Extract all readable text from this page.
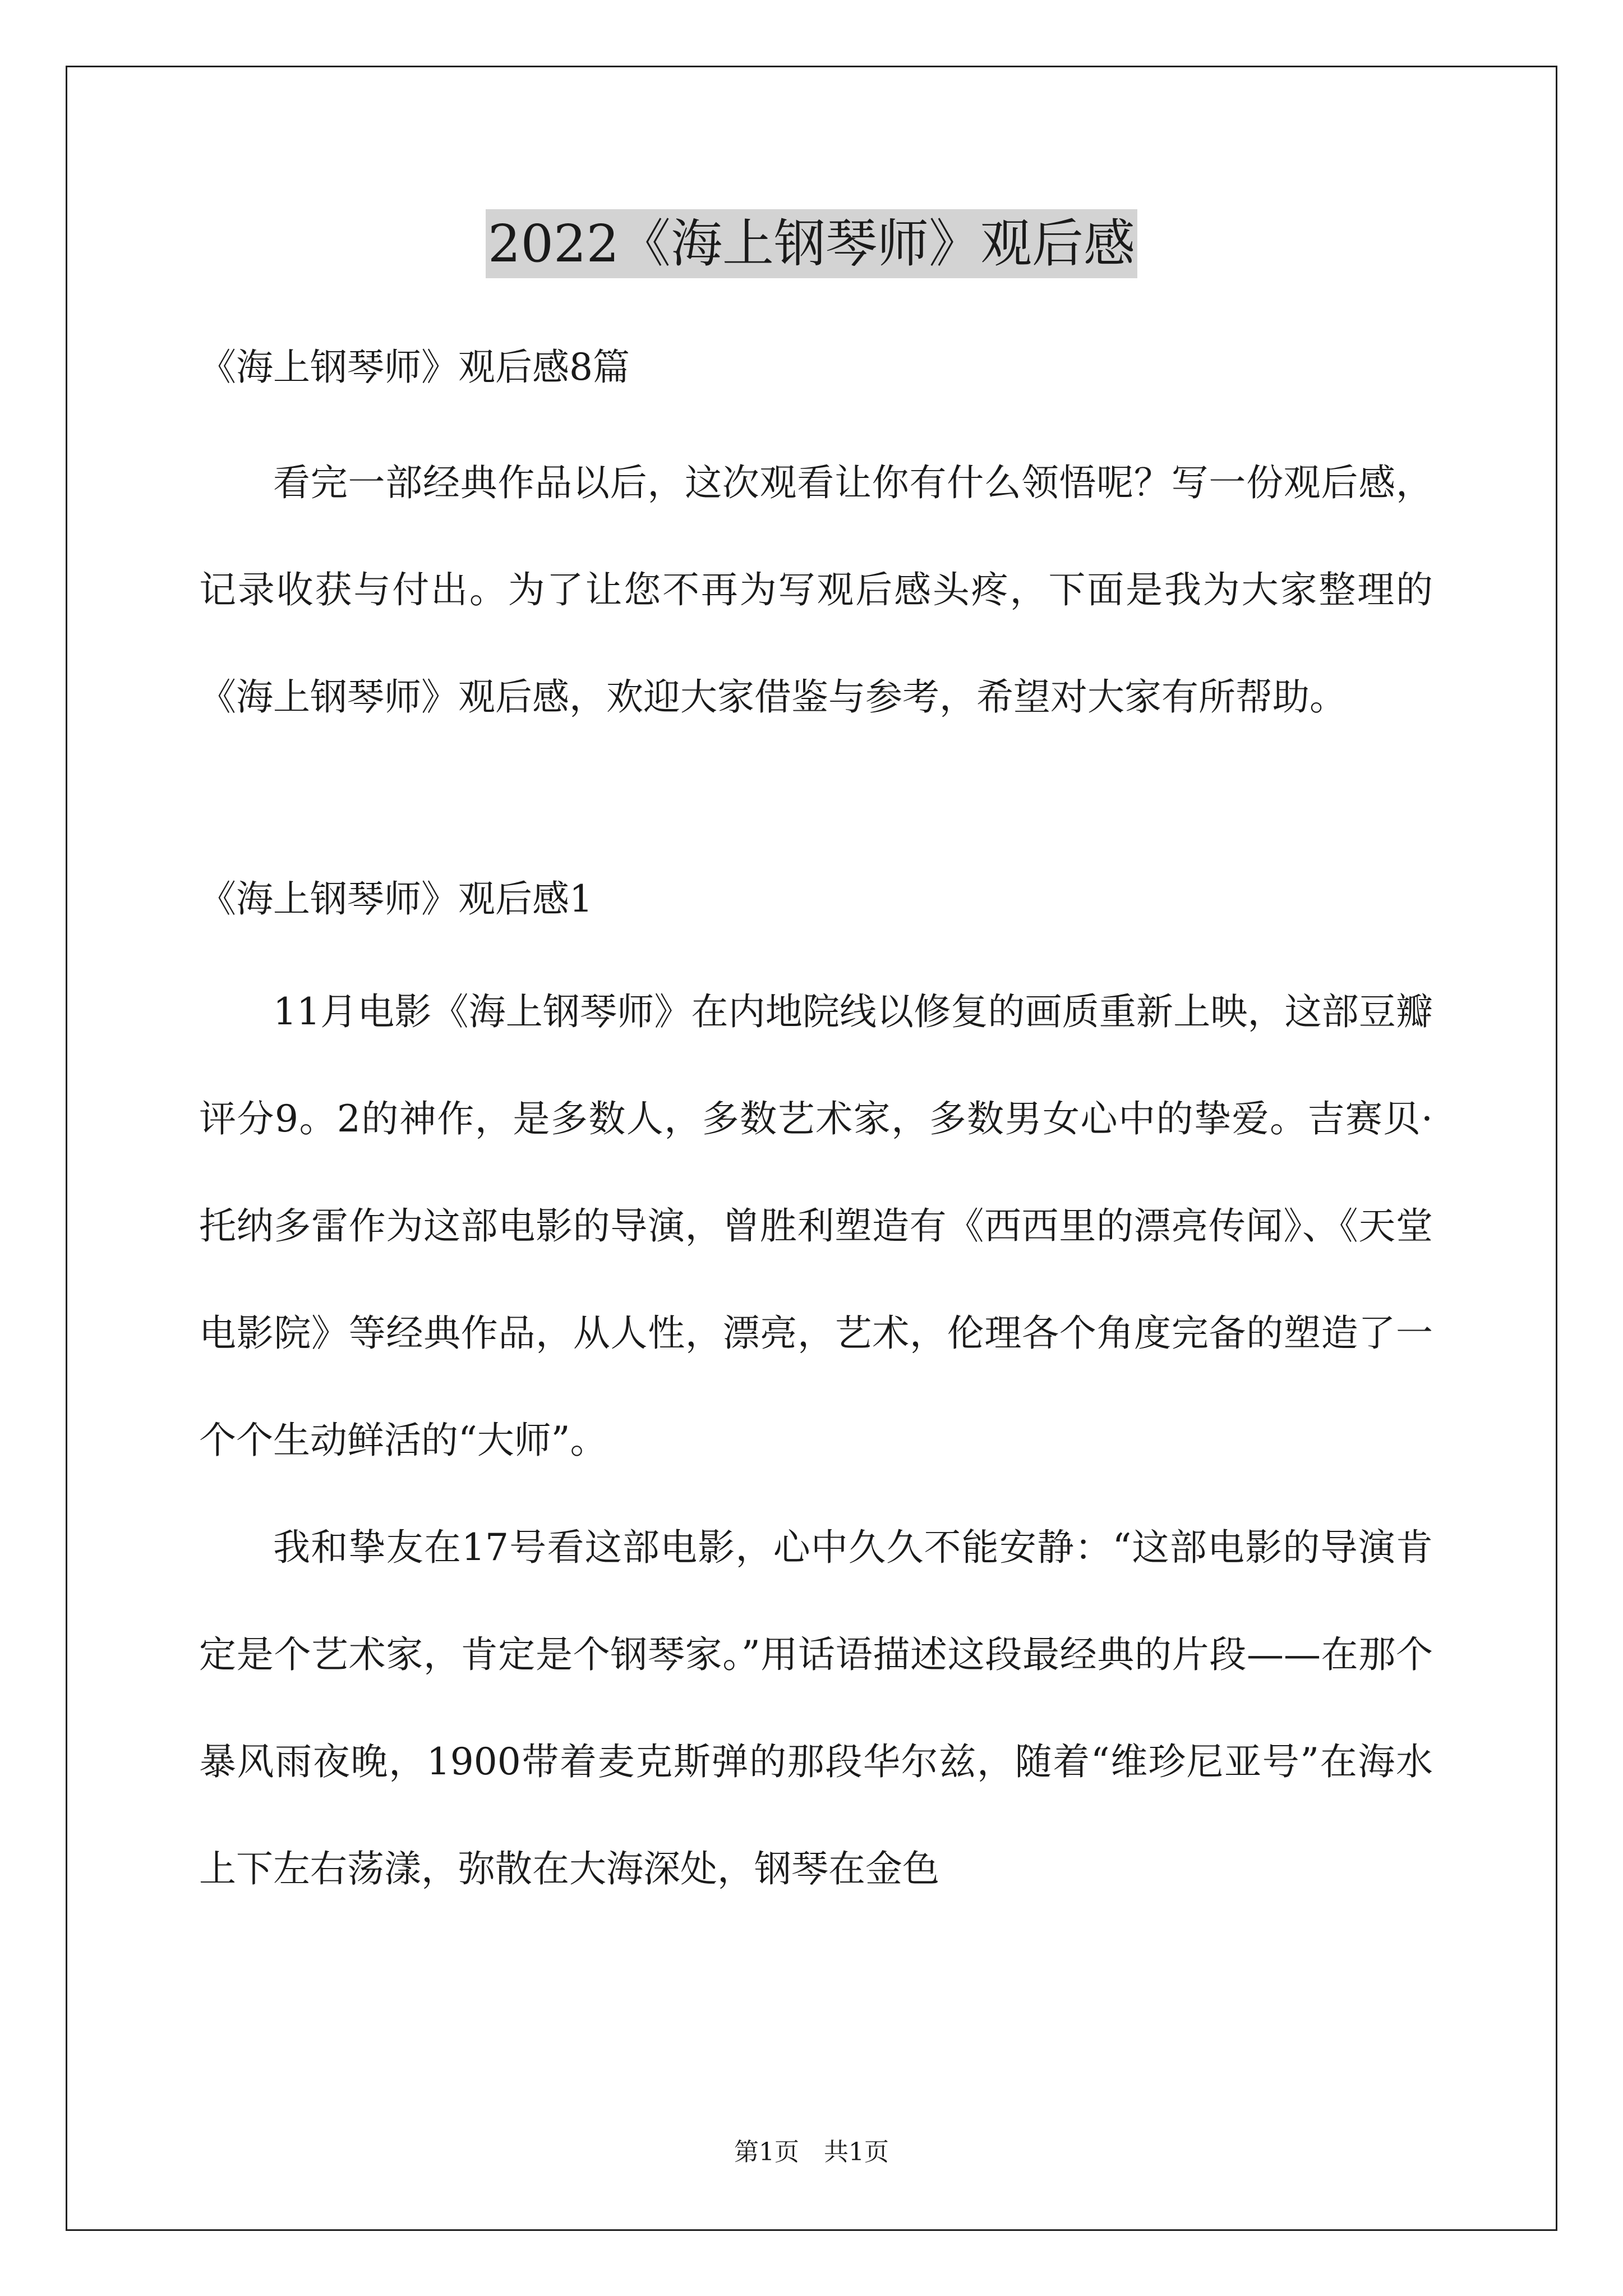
2022《海上钢琴师》观后感

《海上钢琴师》观后感8篇

看完一部经典作品以后，这次观看让你有什么领悟呢？写一份观后感，记录收获与付出。为了让您不再为写观后感头疼，下面是我为大家整理的《海上钢琴师》观后感，欢迎大家借鉴与参考，希望对大家有所帮助。

《海上钢琴师》观后感1

11月电影《海上钢琴师》在内地院线以修复的画质重新上映，这部豆瓣评分9。2的神作，是多数人，多数艺术家，多数男女心中的挚爱。吉赛贝·托纳多雷作为这部电影的导演，曾胜利塑造有《西西里的漂亮传闻》、《天堂电影院》等经典作品，从人性，漂亮，艺术，伦理各个角度完备的塑造了一个个生动鲜活的“大师”。

我和挚友在17号看这部电影，心中久久不能安静：“这部电影的导演肯定是个艺术家，肯定是个钢琴家。”用话语描述这段最经典的片段——在那个暴风雨夜晚，1900带着麦克斯弹的那段华尔兹，随着“维珍尼亚号”在海水上下左右荡漾，弥散在大海深处，钢琴在金色

第1页　共1页
